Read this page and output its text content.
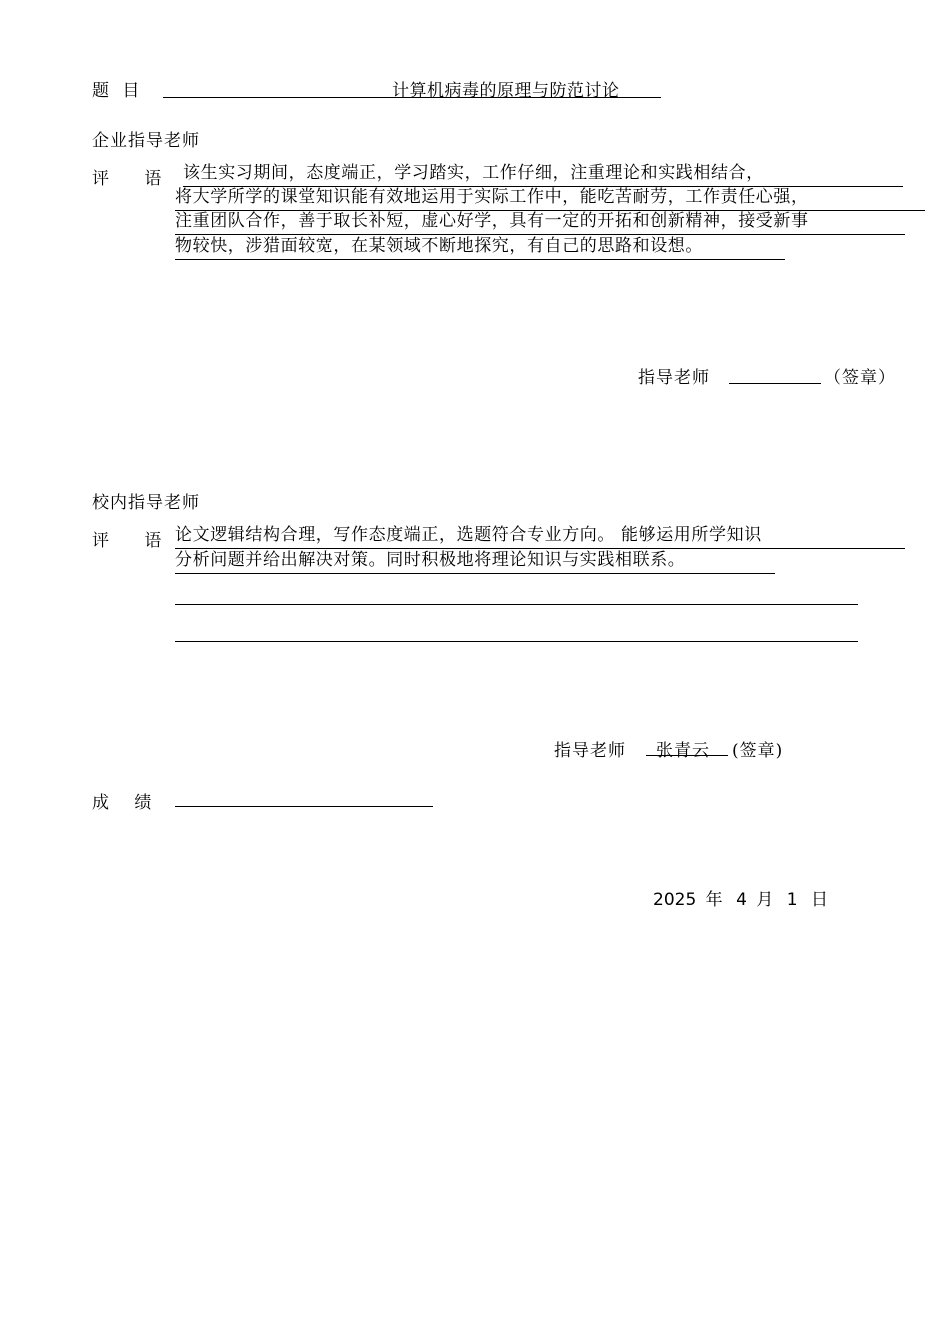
题 目	计算机病毒的原理与防范讨论
企业指导老师
评 语 该生实习期间，态度端正，学习踏实，工作仔细，注重理论和实践相结合，
将大学所学的课堂知识能有效地运用于实际工作中，能吃苦耐劳，工作责任心强，
注重团队合作，善于取长补短，虚心好学，具有一定的开拓和创新精神，接受新事
物较快，涉猎面较宽，在某领域不断地探究，有自己的思路和设想。
指导老师	（签章）
校内指导老师
评 语 论文逻辑结构合理，写作态度端正，选题符合专业方向。 能够运用所学知识
分析问题并给出解决对策。同时积极地将理论知识与实践相联系。
指导老师	张青云	(签章)
成 绩
2025 年 4 月 1 日
